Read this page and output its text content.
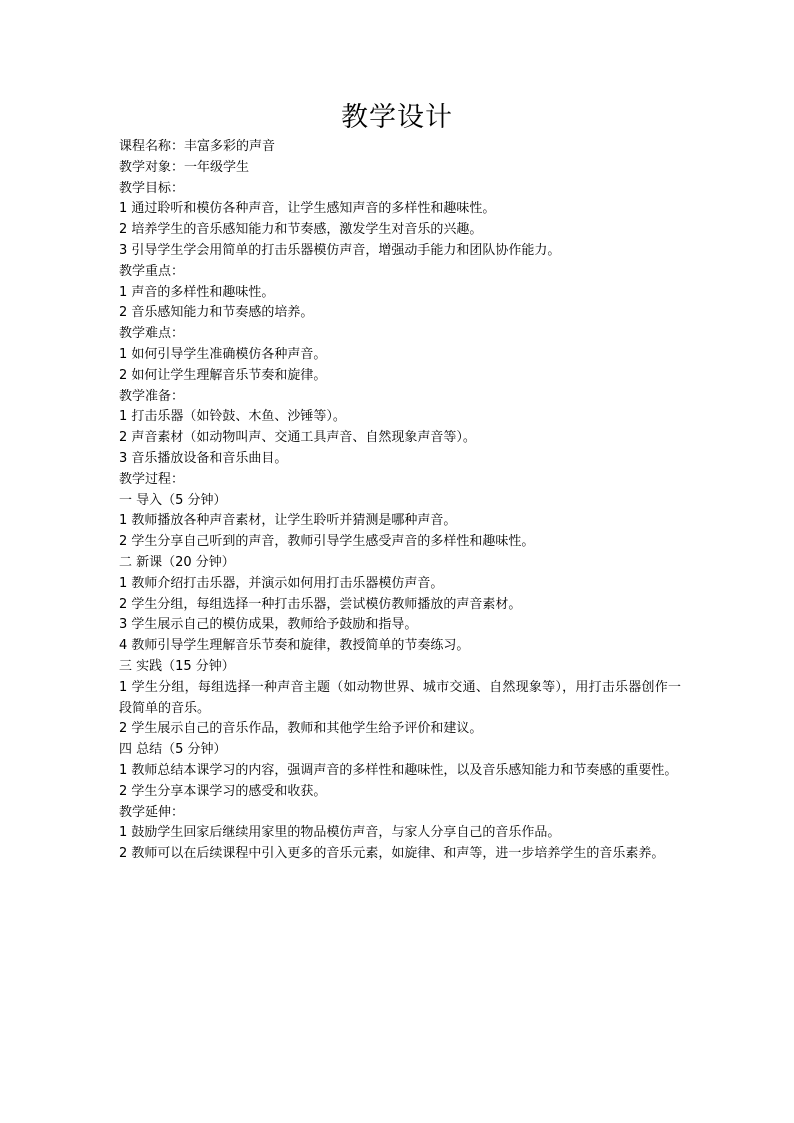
教学设计
课程名称：丰富多彩的声音
教学对象：一年级学生
教学目标：
1 通过聆听和模仿各种声音，让学生感知声音的多样性和趣味性。
2 培养学生的音乐感知能力和节奏感，激发学生对音乐的兴趣。
3 引导学生学会用简单的打击乐器模仿声音，增强动手能力和团队协作能力。
教学重点：
1 声音的多样性和趣味性。
2 音乐感知能力和节奏感的培养。
教学难点：
1 如何引导学生准确模仿各种声音。
2 如何让学生理解音乐节奏和旋律。
教学准备：
1 打击乐器（如铃鼓、木鱼、沙锤等）。
2 声音素材（如动物叫声、交通工具声音、自然现象声音等）。
3 音乐播放设备和音乐曲目。
教学过程：
一 导入（5 分钟）
1 教师播放各种声音素材，让学生聆听并猜测是哪种声音。
2 学生分享自己听到的声音，教师引导学生感受声音的多样性和趣味性。
二 新课（20 分钟）
1 教师介绍打击乐器，并演示如何用打击乐器模仿声音。
2 学生分组，每组选择一种打击乐器，尝试模仿教师播放的声音素材。
3 学生展示自己的模仿成果，教师给予鼓励和指导。
4 教师引导学生理解音乐节奏和旋律，教授简单的节奏练习。
三 实践（15 分钟）
1 学生分组，每组选择一种声音主题（如动物世界、城市交通、自然现象等），用打击乐器创作一段简单的音乐。
2 学生展示自己的音乐作品，教师和其他学生给予评价和建议。
四 总结（5 分钟）
1 教师总结本课学习的内容，强调声音的多样性和趣味性，以及音乐感知能力和节奏感的重要性。
2 学生分享本课学习的感受和收获。
教学延伸：
1 鼓励学生回家后继续用家里的物品模仿声音，与家人分享自己的音乐作品。
2 教师可以在后续课程中引入更多的音乐元素，如旋律、和声等，进一步培养学生的音乐素养。
